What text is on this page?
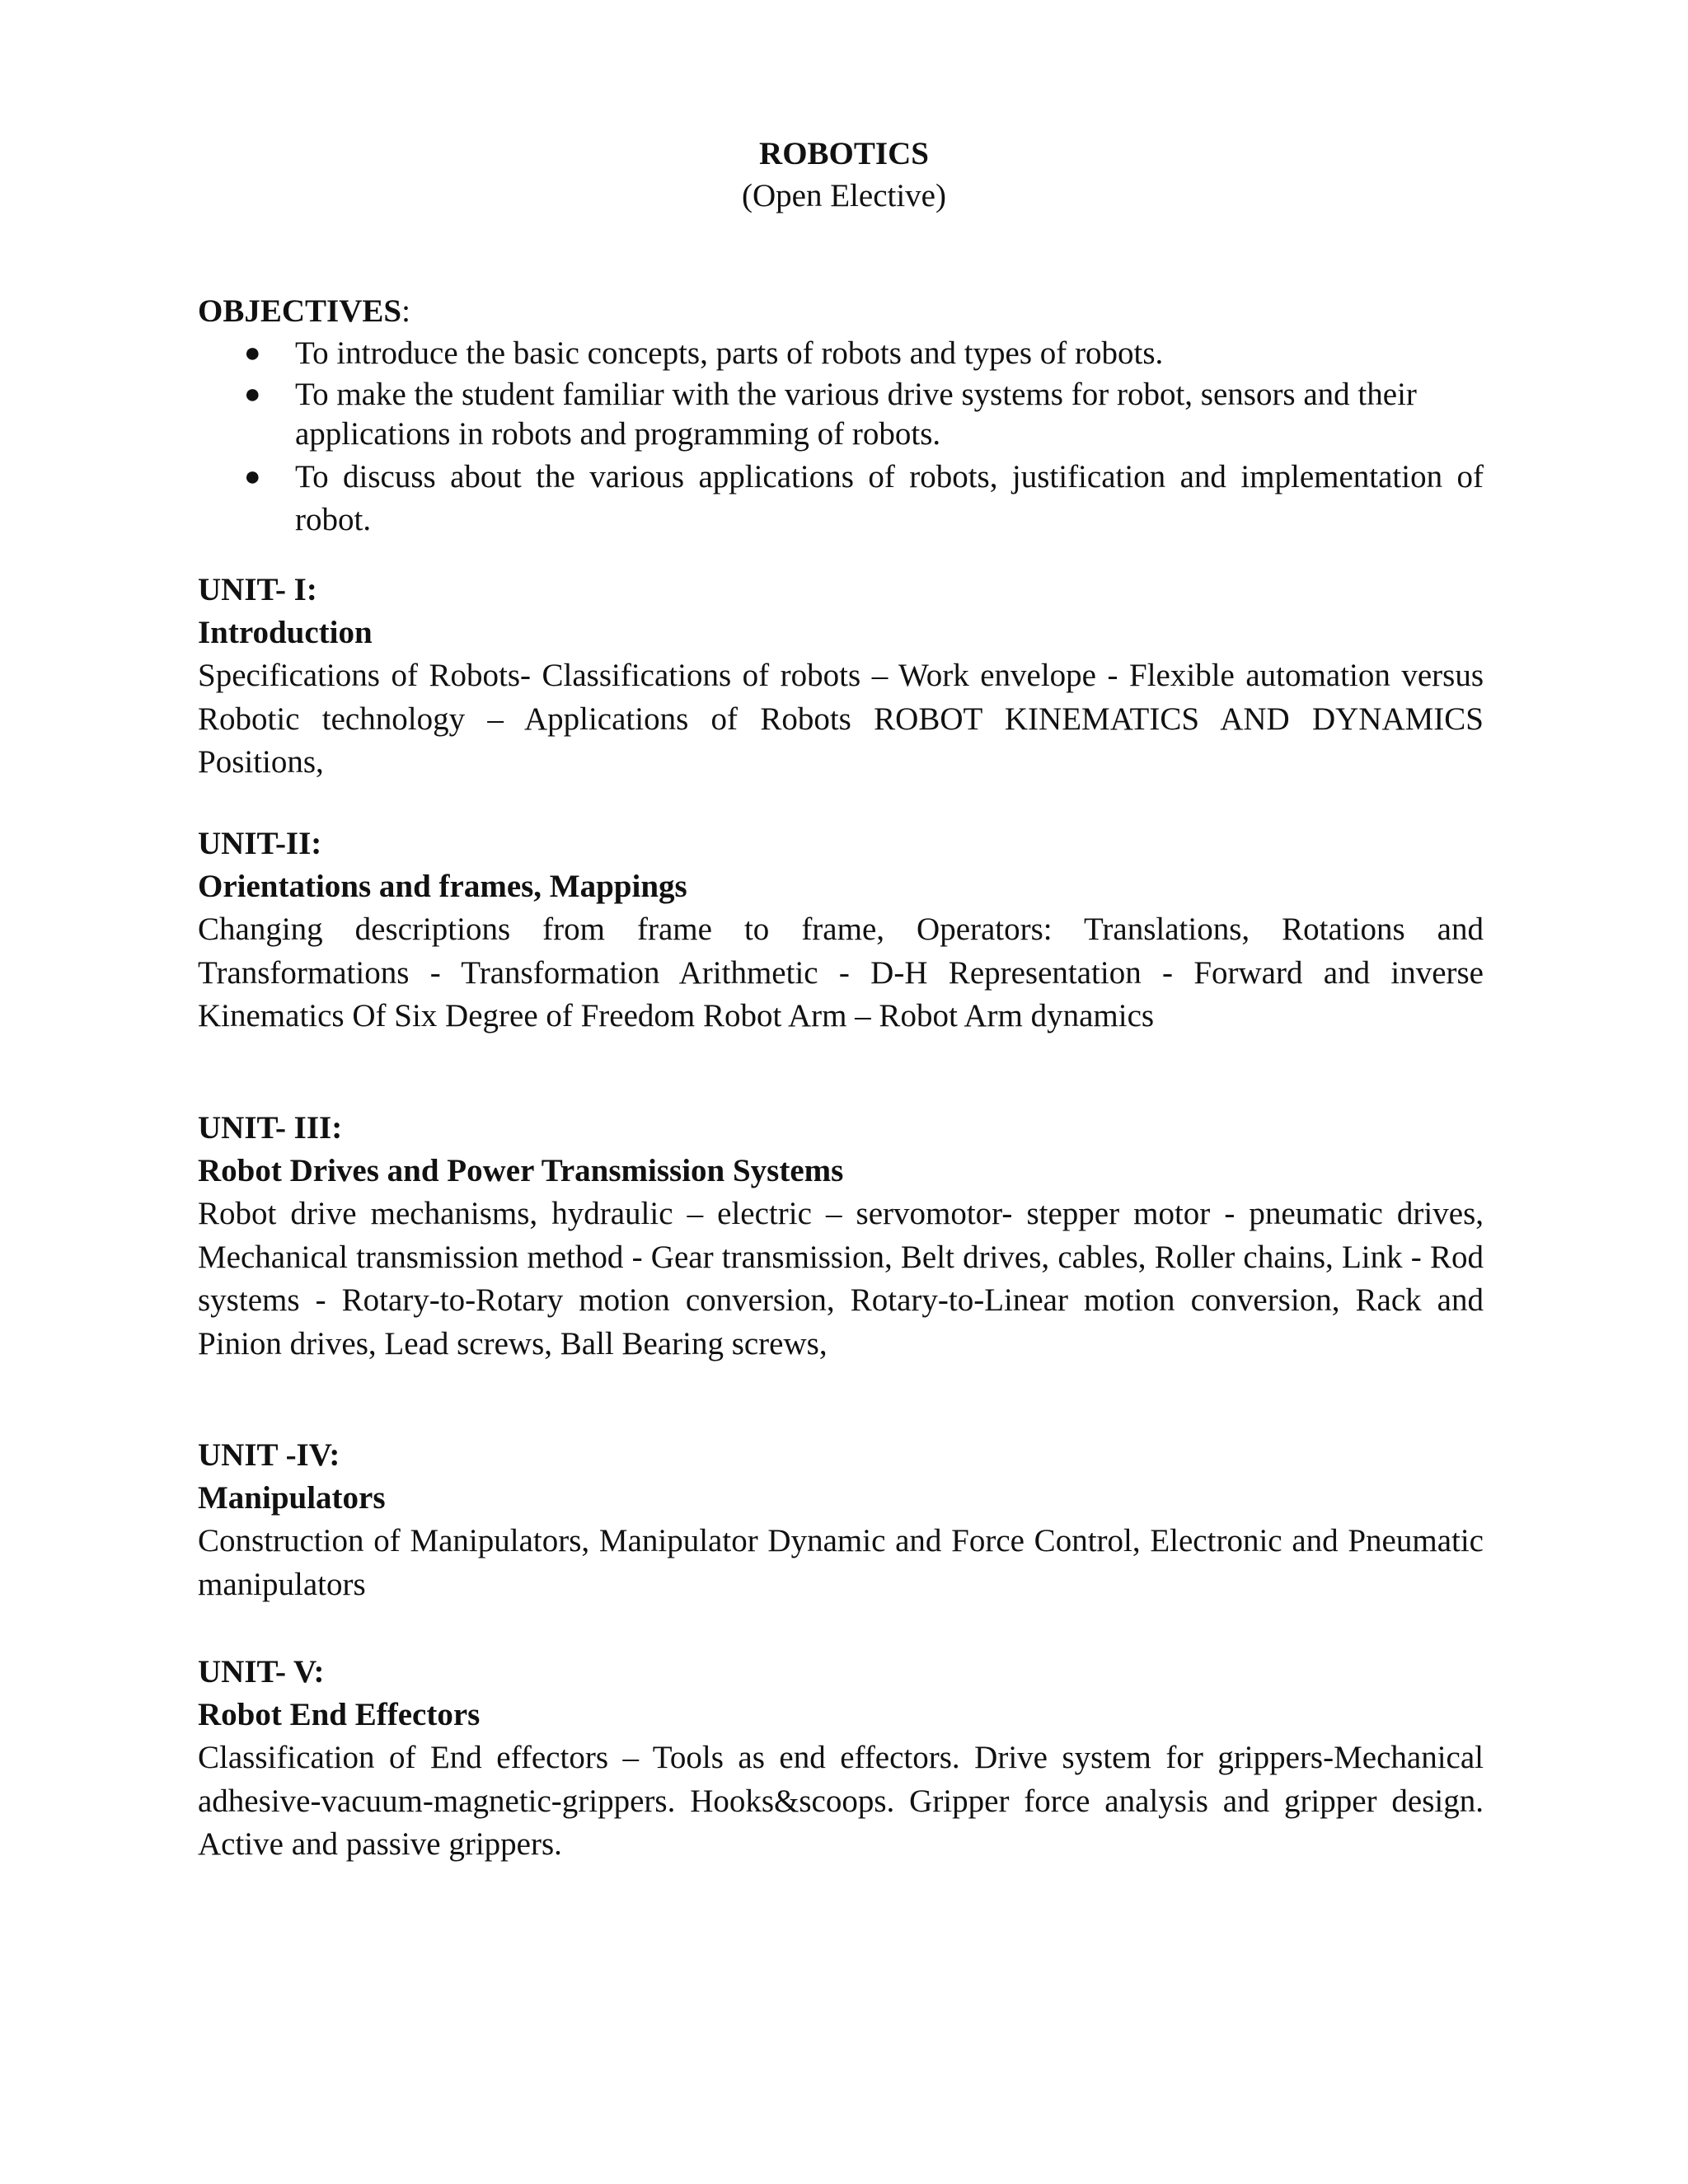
ROBOTICS
(Open Elective)
OBJECTIVES:
● To introduce the basic concepts, parts of robots and types of robots.
● To make the student familiar with the various drive systems for robot, sensors and their applications in robots and programming of robots.
● To discuss about the various applications of robots, justification and implementation of robot.
UNIT- I:
Introduction
Specifications of Robots- Classifications of robots – Work envelope - Flexible automation versus Robotic technology – Applications of Robots ROBOT KINEMATICS AND DYNAMICS Positions,
UNIT-II:
Orientations and frames, Mappings
Changing descriptions from frame to frame, Operators: Translations, Rotations and Transformations - Transformation Arithmetic - D-H Representation - Forward and inverse Kinematics Of Six Degree of Freedom Robot Arm – Robot Arm dynamics
UNIT- III:
Robot Drives and Power Transmission Systems
Robot drive mechanisms, hydraulic – electric – servomotor- stepper motor - pneumatic drives, Mechanical transmission method - Gear transmission, Belt drives, cables, Roller chains, Link - Rod systems - Rotary-to-Rotary motion conversion, Rotary-to-Linear motion conversion, Rack and Pinion drives, Lead screws, Ball Bearing screws,
UNIT -IV:
Manipulators
Construction of Manipulators, Manipulator Dynamic and Force Control, Electronic and Pneumatic manipulators
UNIT- V:
Robot End Effectors
Classification of End effectors – Tools as end effectors. Drive system for grippers-Mechanical adhesive-vacuum-magnetic-grippers. Hooks&scoops. Gripper force analysis and gripper design. Active and passive grippers.
